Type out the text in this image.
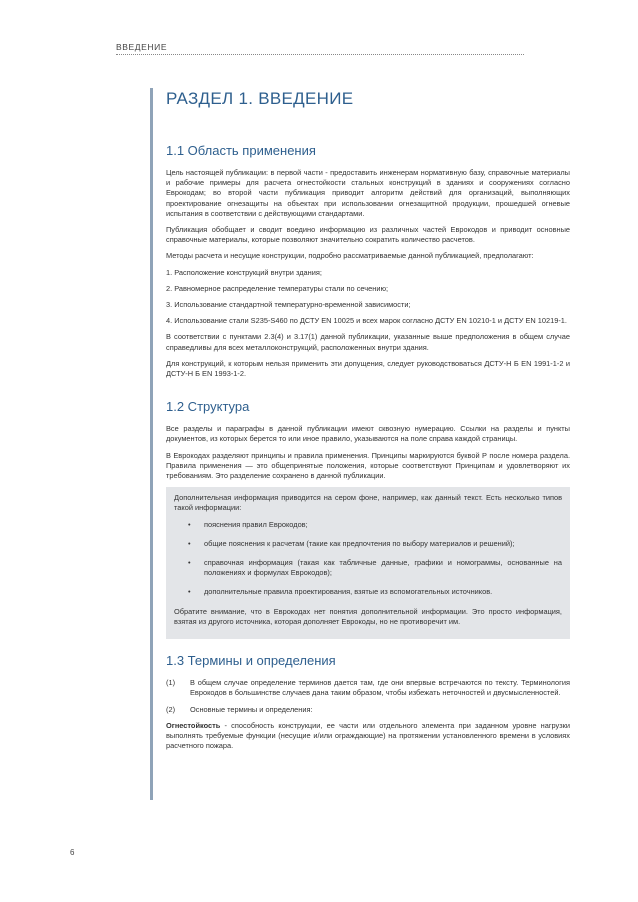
ВВЕДЕНИЕ
РАЗДЕЛ 1. ВВЕДЕНИЕ
1.1 Область применения

Цель настоящей публикации: в первой части - предоставить инженерам нормативную базу, справочные материалы и рабочие примеры для расчета огнестойкости стальных конструкций в зданиях и сооружениях согласно Еврокодам; во второй части публикация приводит алгоритм действий для организаций, выполняющих проектирование огнезащиты на объектах при использовании огнезащитной продукции, прошедшей огневые испытания в соответствии с действующими стандартами.

Публикация обобщает и сводит воедино информацию из различных частей Еврокодов и приводит основные справочные материалы, которые позволяют значительно сократить количество расчетов.

Методы расчета и несущие конструкции, подробно рассматриваемые данной публикацией, предполагают:

1. Расположение конструкций внутри здания;

2. Равномерное распределение температуры стали по сечению;

3. Использование стандартной температурно-временной зависимости;

4. Использование стали S235-S460 по ДСТУ EN 10025 и всех марок согласно ДСТУ EN 10210-1 и ДСТУ EN 10219-1.

В соответствии с пунктами 2.3(4) и 3.17(1) данной публикации, указанные выше предположения в общем случае справедливы для всех металлоконструкций, расположенных внутри здания.

Для конструкций, к которым нельзя применить эти допущения, следует руководствоваться ДСТУ-Н Б EN 1991-1-2 и ДСТУ-Н Б EN 1993-1-2.

1.2 Структура

Все разделы и параграфы в данной публикации имеют сквозную нумерацию. Ссылки на разделы и пункты документов, из которых берется то или иное правило, указываются на поле справа каждой страницы.

В Еврокодах разделяют принципы и правила применения. Принципы маркируются буквой Р после номера раздела. Правила применения — это общепринятые положения, которые соответствуют Принципам и удовлетворяют их требованиям. Это разделение сохранено в данной публикации.

Дополнительная информация приводится на сером фоне, например, как данный текст. Есть несколько типов такой информации:

• пояснения правил Еврокодов;
• общие пояснения к расчетам (такие как предпочтения по выбору материалов и решений);
• справочная информация (такая как табличные данные, графики и номограммы, основанные на положениях и формулах Еврокодов);
• дополнительные правила проектирования, взятые из вспомогательных источников.

Обратите внимание, что в Еврокодах нет понятия дополнительной информации. Это просто информация, взятая из другого источника, которая дополняет Еврокоды, но не противоречит им.

1.3 Термины и определения
(1) В общем случае определение терминов дается там, где они впервые встречаются по тексту. Терминология Еврокодов в большинстве случаев дана таким образом, чтобы избежать неточностей и двусмысленностей.
(2) Основные термины и определения:

Огнестойкость - способность конструкции, ее части или отдельного элемента при заданном уровне нагрузки выполнять требуемые функции (несущие и/или ограждающие) на протяжении установленного времени в условиях расчетного пожара.

6
